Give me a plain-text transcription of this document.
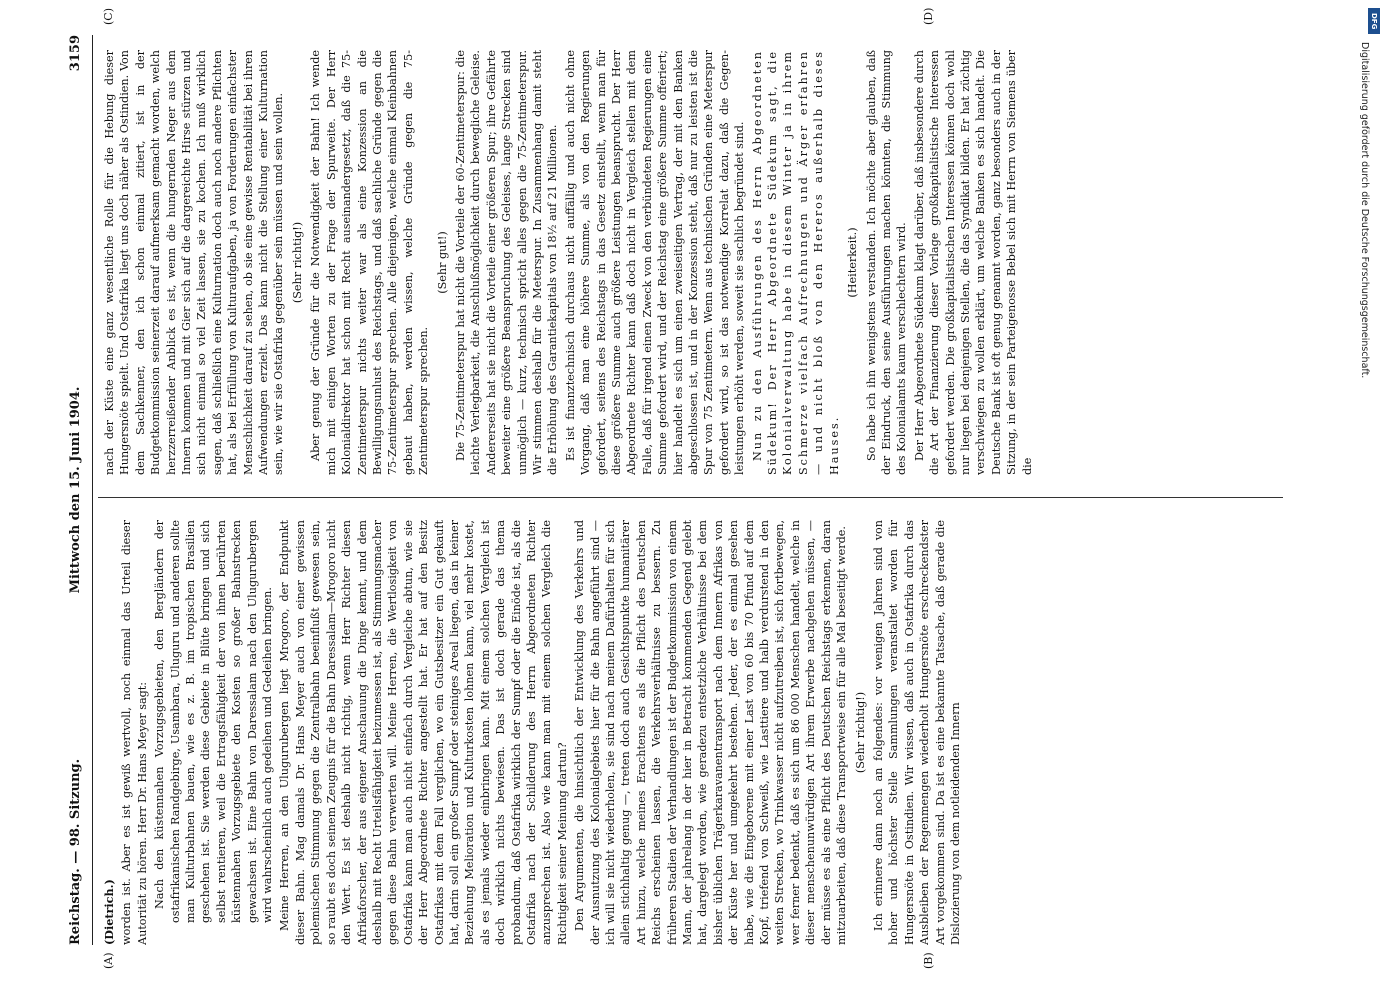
Reichstag. — 98. Sitzung.
Mittwoch den 15. Juni 1904.
3159
(A)	(B)
(C)	(D)

(Dietrich.) worden ist. Aber es ist gewiß wertvoll, noch einmal das Urteil dieser Autorität zu hören. Herr Dr. Hans Meyer sagt: Nach den küstennahen Vorzugsgebieten, den Bergländern der ostafrikanischen Randgebirge, Usambara, Uluguru und anderen sollte man Kulturbahnen bauen, wie es z. B. im tropischen Brasilien geschehen ist. Sie werden diese Gebiete in Blüte bringen und sich selbst rentieren, weil die Ertragsfähigkeit der von ihnen berührten küstennahen Vorzugsgebiete den Kosten so großer Bahnstrecken gewachsen ist. Eine Bahn von Daressalam nach den Ulugurubergen wird wahrscheinlich auch gedeihen und Gedeihen bringen. Meine Herren, an den Ulugurubergen liegt Mrogoro, der Endpunkt dieser Bahn. Mag damals Dr. Hans Meyer auch von einer gewissen polemischen Stimmung gegen die Zentralbahn beeinflußt gewesen sein, so raubt es doch seinem Zeugnis für die Bahn Daressalam—Mrogoro nicht den Wert. Es ist deshalb nicht richtig, wenn Herr Richter diesen Afrikaforscher, der aus eigener Anschauung die Dinge kennt, und dem deshalb mit Recht Urteilsfähigkeit beizumessen ist, als Stimmungsmacher gegen diese Bahn verwerten will. Meine Herren, die Wertlosigkeit von Ostafrika kann man auch nicht einfach durch Vergleiche abtun, wie sie der Herr Abgeordnete Richter angestellt hat. Er hat auf den Besitz Ostafrikas mit dem Fall verglichen, wo ein Gutsbesitzer ein Gut gekauft hat, darin soll ein großer Sumpf oder steiniges Areal liegen, das in keiner Beziehung Melioration und Kulturkosten lohnen kann, viel mehr kostet, als es jemals wieder einbringen kann. Mit einem solchen Vergleich ist doch wirklich nichts bewiesen. Das ist doch gerade das thema probandum, daß Ostafrika wirklich der Sumpf oder die Einöde ist, als die Ostafrika nach der Schilderung des Herrn Abgeordneten Richter anzusprechen ist. Also wie kann man mit einem solchen Vergleich die Richtigkeit seiner Meinung dartun? Den Argumenten, die hinsichtlich der Entwicklung des Verkehrs und der Ausnutzung des Kolonialgebiets hier für die Bahn angeführt sind — ich will sie nicht wiederholen, sie sind nach meinem Dafürhalten für sich allein stichhaltig genug —, treten doch auch Gesichtspunkte humanitärer Art hinzu, welche meines Erachtens es als die Pflicht des Deutschen Reichs erscheinen lassen, die Verkehrsverhältnisse zu bessern. Zu früheren Stadien der Verhandlungen ist der Budgetkommission von einem Mann, der jahrelang in der hier in Betracht kommenden Gegend gelebt hat, dargelegt worden, wie geradezu entsetzliche Verhältnisse bei dem bisher üblichen Trägerkaravanentransport nach dem Innern Afrikas von der Küste her und umgekehrt bestehen. Jeder, der es einmal gesehen habe, wie die Eingeborene mit einer Last von 60 bis 70 Pfund auf dem Kopf, triefend von Schweiß, wie Lasttiere und halb verdurstend in den weiten Strecken, wo Trinkwasser nicht aufzutreiben ist, sich fortbewegen, wer ferner bedenkt, daß es sich um 86 000 Menschen handelt, welche in dieser menschenunwürdigen Art ihrem Erwerbe nachgehen müssen, — der müsse es als eine Pflicht des Deutschen Reichstags erkennen, daran mitzuarbeiten, daß diese Transportweise ein für alle Mal beseitigt werde. (Sehr richtig!) Ich erinnere dann noch an folgendes: vor wenigen Jahren sind von hoher und höchster Stelle Sammlungen veranstaltet worden für Hungersnöte in Ostindien. Wir wissen, daß auch in Ostafrika durch das Ausbleiben der Regenmengen wiederholt Hungersnöte erschreckendster Art vorgekommen sind. Da ist es eine bekannte Tatsache, daß gerade die Dislozierung von dem notleidenden Innern

nach der Küste eine ganz wesentliche Rolle für die Hebung dieser Hungersnöte spielt. Und Ostafrika liegt uns doch näher als Ostindien. Von dem Sachkenner, den ich schon einmal zitiert, ist in der Budgetkommission seinerzeit darauf aufmerksam gemacht worden, welch herzzerreißender Anblick es ist, wenn die hungernden Neger aus dem Innern kommen und mit Gier sich auf die dargereichte Hirse stürzen und sich nicht einmal so viel Zeit lassen, sie zu kochen. Ich muß wirklich sagen, daß schließlich eine Kulturnation doch auch noch andere Pflichten hat, als bei Erfüllung von Kulturaufgaben, ja von Forderungen einfachster Menschlichkeit darauf zu sehen, ob sie eine gewisse Rentabilität bei ihren Aufwendungen erzielt. Das kann nicht die Stellung einer Kulturnation sein, wie wir sie Ostafrika gegenüber sein müssen und sein wollen. (Sehr richtig!) Aber genug der Gründe für die Notwendigkeit der Bahn! Ich wende mich mit einigen Worten zu der Frage der Spurweite. Der Herr Kolonialdirektor hat schon mit Recht auseinandergesetzt, daß die 75-Zentimeterspur nichts weiter war als eine Konzession an die Bewilligungsunlust des Reichstags, und daß sachliche Gründe gegen die 75-Zentimeterspur sprechen. Alle diejenigen, welche einmal Kleinbahnen gebaut haben, werden wissen, welche Gründe gegen die 75-Zentimeterspur sprechen.

(Sehr gut!) Die 75-Zentimeterspur hat nicht die Vorteile der 60-Zentimeterspur: die leichte Verlegbarkeit, die Anschlußmöglichkeit durch bewegliche Geleise. Andererseits hat sie nicht die Vorteile einer größeren Spur; ihre Gefährte beweiter eine größere Beanspruchung des Geleises, lange Strecken sind unmöglich — kurz, technisch spricht alles gegen die 75-Zentimeterspur. Wir stimmen deshalb für die Meterspur. In Zusammenhang damit steht die Erhöhung des Garantiekapitals von 18½ auf 21 Millionen. Es ist finanztechnisch durchaus nicht auffällig und auch nicht ohne Vorgang, daß man eine höhere Summe, als von den Regierungen gefordert, seitens des Reichstags in das Gesetz einstellt, wenn man für diese größere Summe auch größere Leistungen beansprucht. Der Herr Abgeordnete Richter kann daß doch nicht in Vergleich stellen mit dem Falle, daß für irgend einen Zweck von den verbündeten Regierungen eine Summe gefordert wird, und der Reichstag eine größere Summe offeriert; hier handelt es sich um einen zweiseitigen Vertrag, der mit den Banken abgeschlossen ist, und in der Konzession steht, daß nur zu leisten ist die Spur von 75 Zentimetern. Wenn aus technischen Gründen eine Meterspur gefordert wird, so ist das notwendige Korrelat dazu, daß die Gegenleistungen erhöht werden, soweit sie sachlich begründet sind. Nun zu den Ausführungen des Herrn Abgeordneten Südekum! Der Herr Abgeordnete Südekum sagt, die Kolonialverwaltung habe in diesem Winter ja in ihrem Schmerze vielfach Aufrechnungen und Ärger erfahren — und nicht bloß von den Hereros außerhalb dieses Hauses.

(Heiterkeit.) So habe ich ihn wenigstens verstanden. Ich möchte aber glauben, daß der Eindruck, den seine Ausführungen machen könnten, die Stimmung des Kolonialamts kaum verschlechtern wird. Der Herr Abgeordnete Südekum klagt darüber, daß insbesondere durch die Art der Finanzierung dieser Vorlage großkapitalistische Interessen gefordert werden. Die großkapitalistischen Interessen können doch wohl nur liegen bei denjenigen Stellen, die das Syndikat bilden. Er hat züchtig verschwiegen zu wollen erklärt, um welche Banken es sich handelt. Die Deutsche Bank ist oft genug genannt worden, ganz besonders auch in der Sitzung, in der sein Parteigenosse Bebel sich mit Herrn von Siemens über die

DFG
Digitalisierung gefördert durch die Deutsche Forschungsgemeinschaft.
